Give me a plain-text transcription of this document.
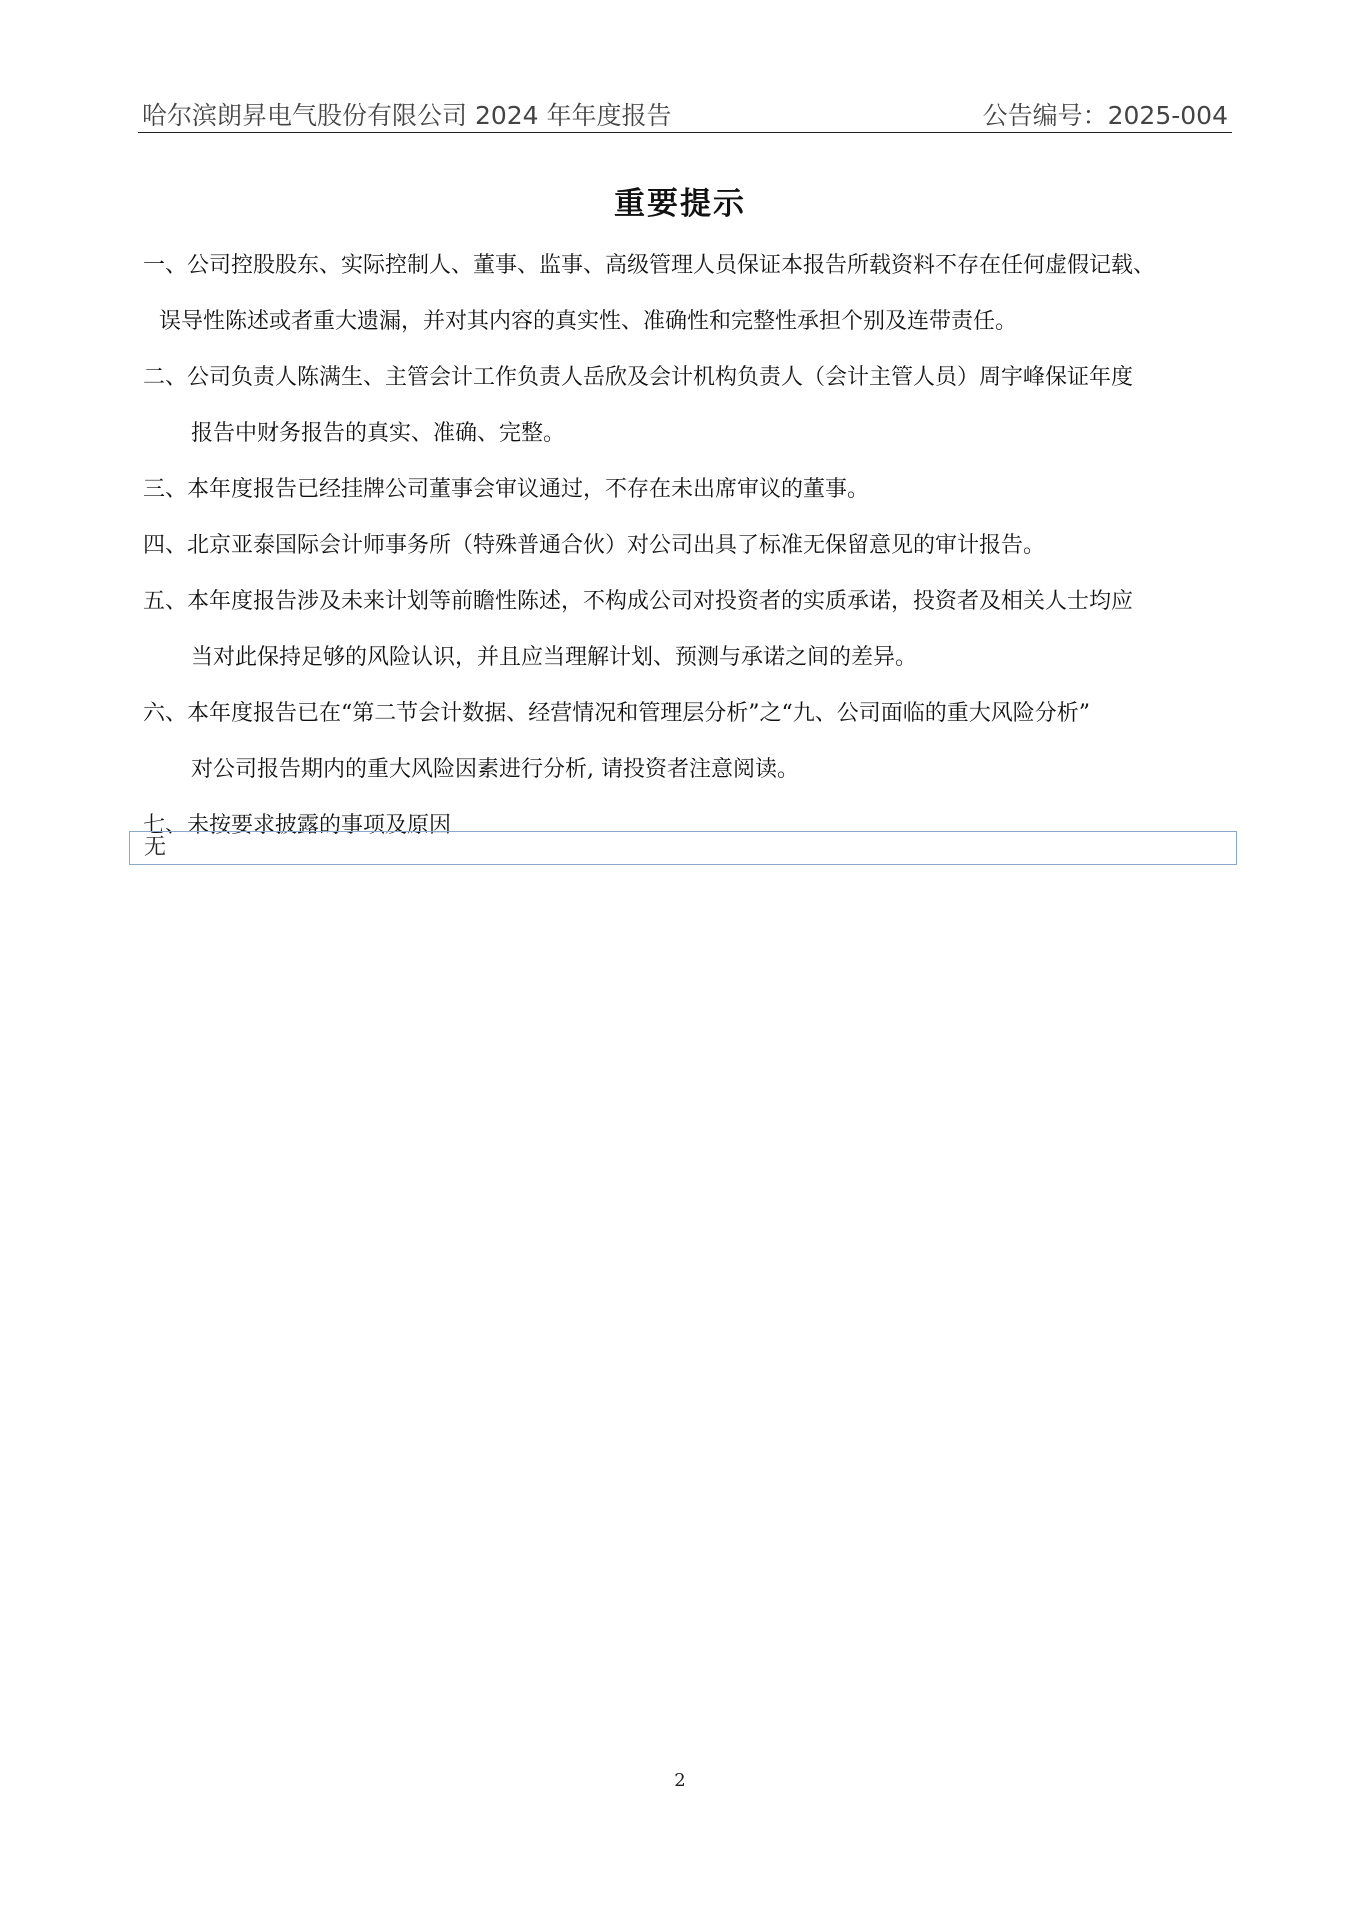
哈尔滨朗昇电气股份有限公司 2024 年年度报告	公告编号：2025-004
重要提示
一、公司控股股东、实际控制人、董事、监事、高级管理人员保证本报告所载资料不存在任何虚假记载、
误导性陈述或者重大遗漏，并对其内容的真实性、准确性和完整性承担个别及连带责任。
二、公司负责人陈满生、主管会计工作负责人岳欣及会计机构负责人（会计主管人员）周宇峰保证年度
报告中财务报告的真实、准确、完整。
三、本年度报告已经挂牌公司董事会审议通过，不存在未出席审议的董事。
四、北京亚泰国际会计师事务所（特殊普通合伙）对公司出具了标准无保留意见的审计报告。
五、本年度报告涉及未来计划等前瞻性陈述，不构成公司对投资者的实质承诺，投资者及相关人士均应
当对此保持足够的风险认识，并且应当理解计划、预测与承诺之间的差异。
六、本年度报告已在“第二节会计数据、经营情况和管理层分析”之“九、公司面临的重大风险分析”
对公司报告期内的重大风险因素进行分析, 请投资者注意阅读。
七、未按要求披露的事项及原因
无
2
